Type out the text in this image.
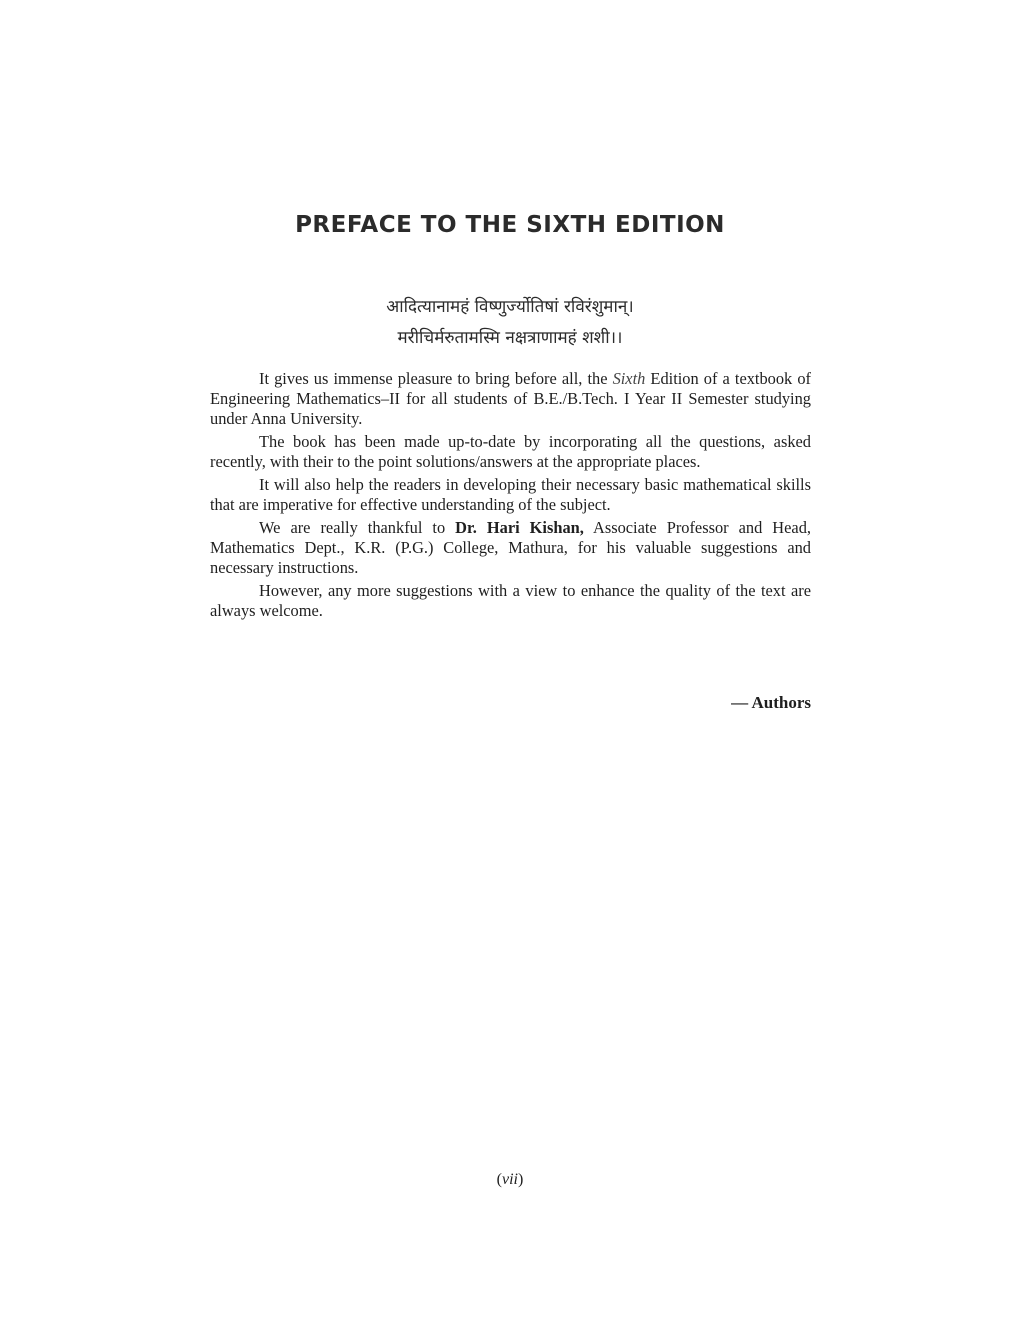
PREFACE TO THE SIXTH EDITION
आदित्यानामहं विष्णुर्ज्योतिषां रविरंशुमान्।
मरीचिर्मरुतामस्मि नक्षत्राणामहं शशी।।

It gives us immense pleasure to bring before all, the Sixth Edition of a textbook of Engineering Mathematics–II for all students of B.E./B.Tech. I Year II Semester studying under Anna University.

The book has been made up-to-date by incorporating all the questions, asked recently, with their to the point solutions/answers at the appropriate places.

It will also help the readers in developing their necessary basic mathematical skills that are imperative for effective understanding of the subject.

We are really thankful to Dr. Hari Kishan, Associate Professor and Head, Mathematics Dept., K.R. (P.G.) College, Mathura, for his valuable suggestions and necessary instructions.

However, any more suggestions with a view to enhance the quality of the text are always welcome.

— Authors
(vii)
